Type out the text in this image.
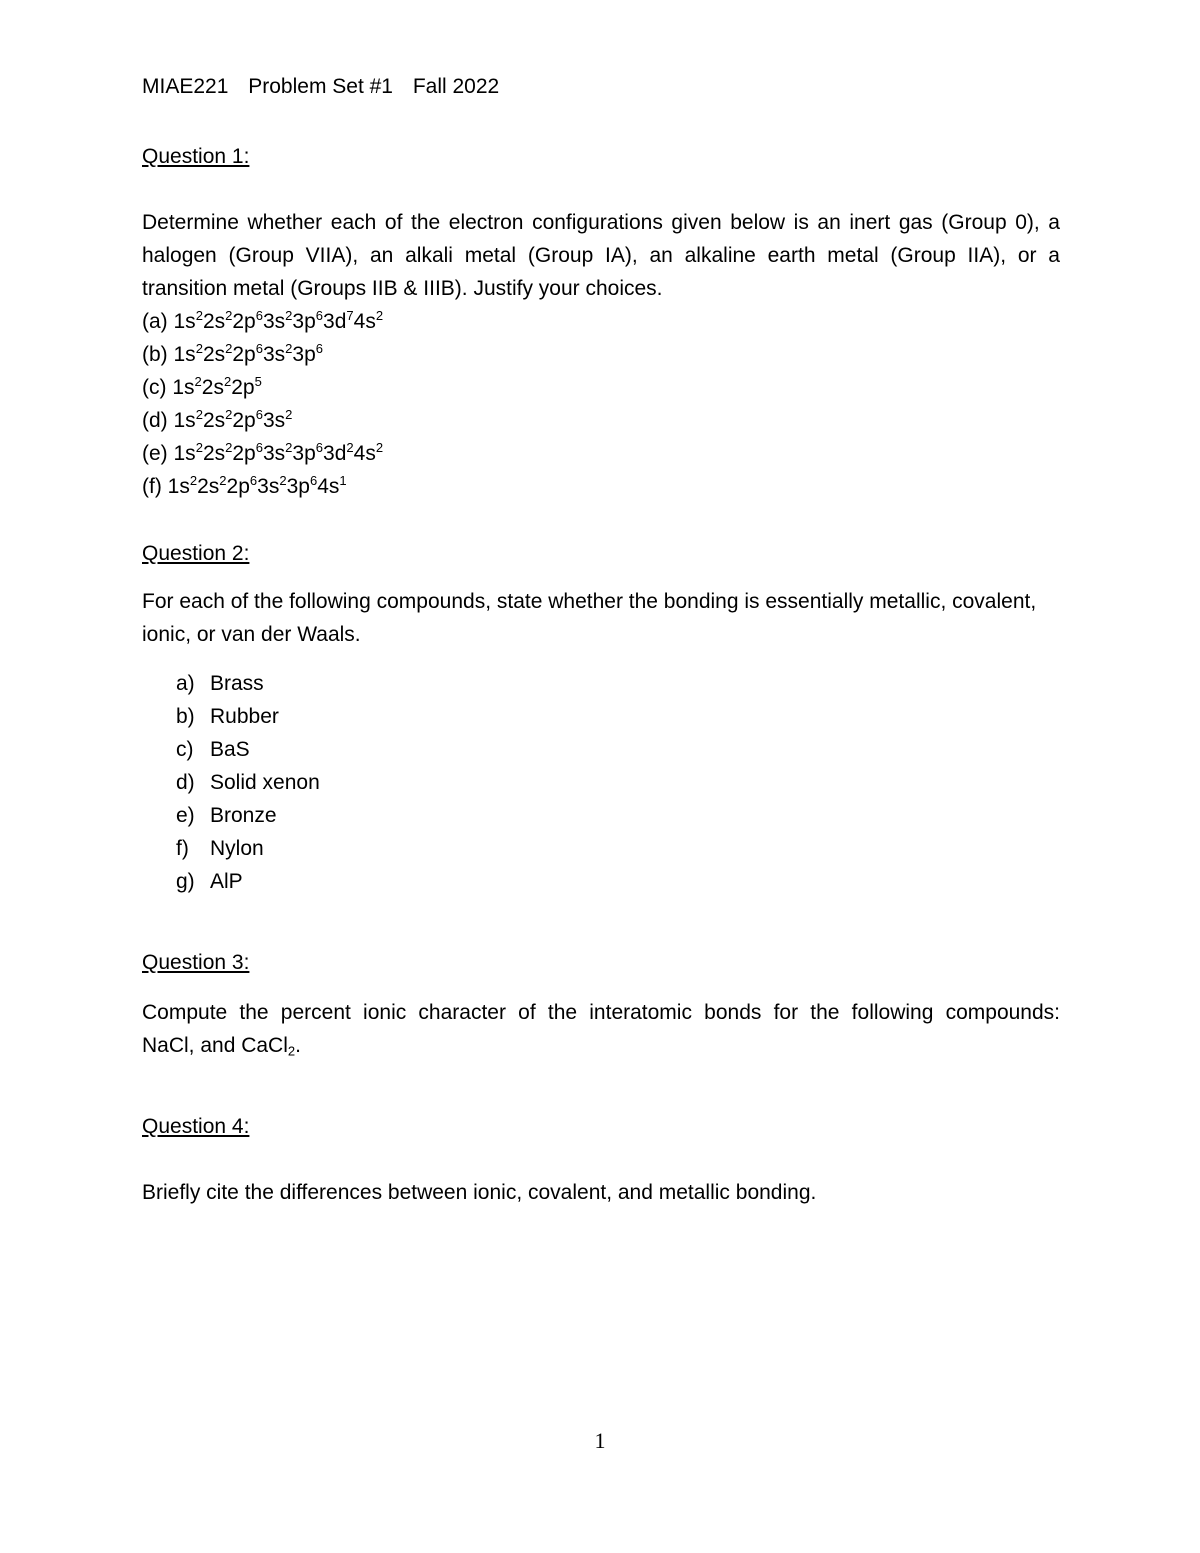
MIAE221 Problem Set #1 Fall 2022
Question 1:
Determine whether each of the electron configurations given below is an inert gas (Group 0), a
halogen (Group VIIA), an alkali metal (Group IA), an alkaline earth metal (Group IIA), or a
transition metal (Groups IIB & IIIB). Justify your choices.
(a) $1s^22s^22p^63s^23p^63d^74s^2$
(b) $1s^22s^22p^63s^23p^6$
(c) $1s^22s^22p^5$
(d) $1s^22s^22p^63s^2$
(e) $1s^22s^22p^63s^23p^63d^24s^2$
(f) $1s^22s^22p^63s^23p^64s^1$
Question 2:
For each of the following compounds, state whether the bonding is essentially metallic, covalent,
ionic, or van der Waals.
a) Brass
b) Rubber
c) BaS
d) Solid xenon
e) Bronze
f)	Nylon
g) AlP
Question 3:
Compute the percent ionic character of the interatomic bonds for the following compounds:
NaCl, and CaCl$_2$.
Question 4:
Briefly cite the differences between ionic, covalent, and metallic bonding.
1
